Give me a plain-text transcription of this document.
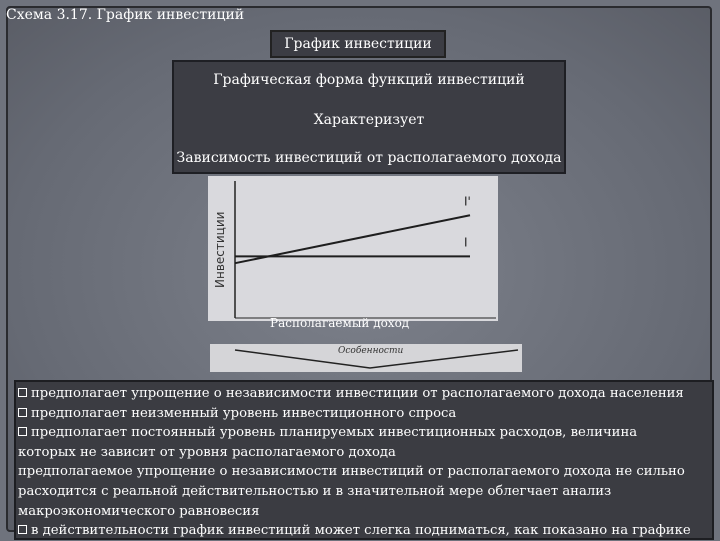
Схема 3.17. График инвестиций
График инвестиции
Графическая форма функций инвестиций
Характеризует
Зависимость инвестиций от располагаемого дохода
Инвестиции
I'
I
Располагаемый доход
Особенности
предполагает упрощение о независимости инвестиции от располагаемого дохода населения
предполагает неизменный уровень инвестиционного спроса
предполагает постоянный уровень планируемых инвестиционных расходов, величина
которых не зависит от уровня располагаемого дохода
предполагаемое упрощение о независимости инвестиций от располагаемого дохода не сильно
расходится с реальной действительностью и в значительной мере облегчает анализ
макроэкономического равновесия
в действительности график инвестиций может слегка подниматься, как показано на графике
